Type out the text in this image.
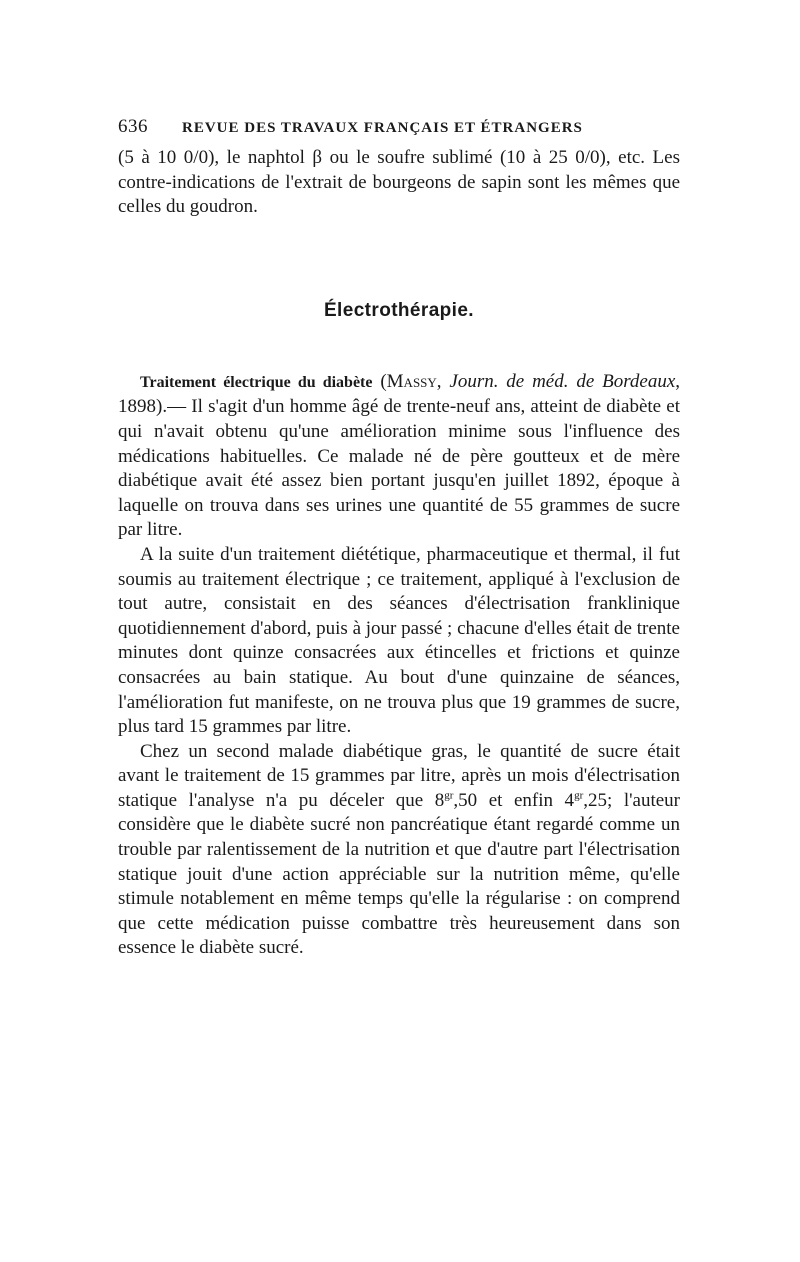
636	REVUE DES TRAVAUX FRANÇAIS ET ÉTRANGERS

(5 à 10 0/0), le naphtol β ou le soufre sublimé (10 à 25 0/0), etc. Les contre-indications de l'extrait de bourgeons de sapin sont les mêmes que celles du goudron.

Électrothérapie.

Traitement électrique du diabète (Massy, Journ. de méd. de Bordeaux, 1898).— Il s'agit d'un homme âgé de trente-neuf ans, atteint de diabète et qui n'avait obtenu qu'une amélioration minime sous l'influence des médications habituelles. Ce malade né de père goutteux et de mère diabétique avait été assez bien portant jusqu'en juillet 1892, époque à laquelle on trouva dans ses urines une quantité de 55 grammes de sucre par litre.

A la suite d'un traitement diététique, pharmaceutique et thermal, il fut soumis au traitement électrique ; ce traitement, appliqué à l'exclusion de tout autre, consistait en des séances d'électrisation franklinique quotidiennement d'abord, puis à jour passé ; chacune d'elles était de trente minutes dont quinze consacrées aux étincelles et frictions et quinze consacrées au bain statique. Au bout d'une quinzaine de séances, l'amélioration fut manifeste, on ne trouva plus que 19 grammes de sucre, plus tard 15 grammes par litre.

Chez un second malade diabétique gras, le quantité de sucre était avant le traitement de 15 grammes par litre, après un mois d'électrisation statique l'analyse n'a pu déceler que $8^{gr},50$ et enfin $4^{gr},25$; l'auteur considère que le diabète sucré non pancréatique étant regardé comme un trouble par ralentissement de la nutrition et que d'autre part l'électrisation statique jouit d'une action appréciable sur la nutrition même, qu'elle stimule notablement en même temps qu'elle la régularise : on comprend que cette médication puisse combattre très heureusement dans son essence le diabète sucré.
